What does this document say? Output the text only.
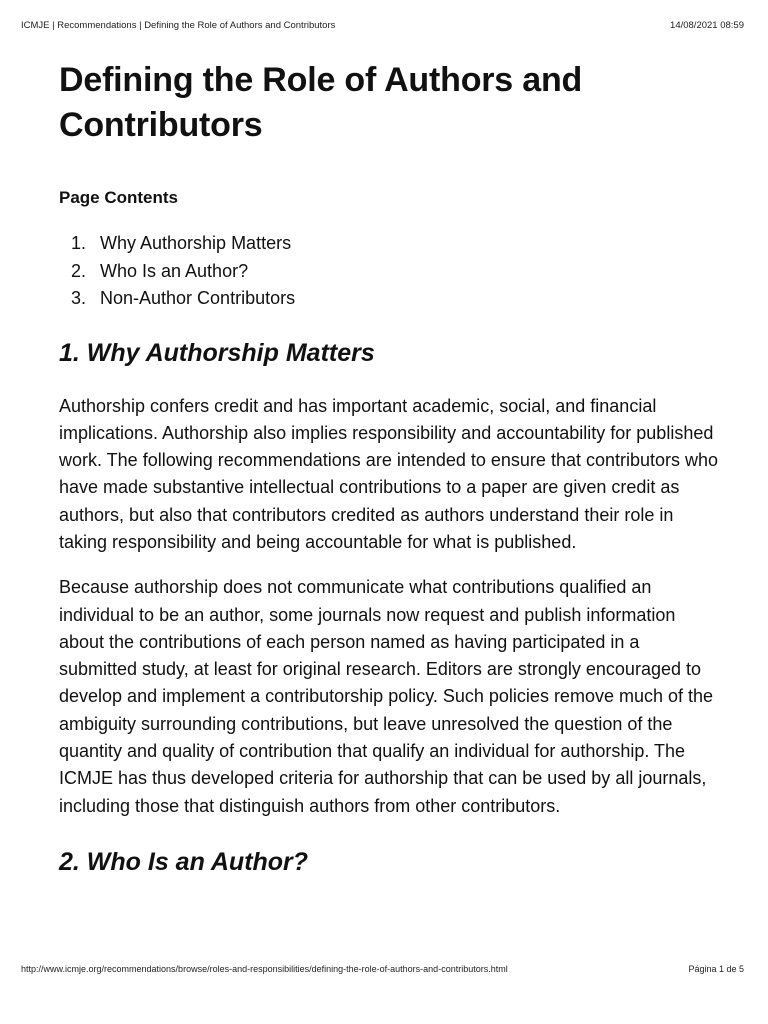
ICMJE | Recommendations | Defining the Role of Authors and Contributors	14/08/2021 08:59
Defining the Role of Authors and Contributors
Page Contents
1. Why Authorship Matters
2. Who Is an Author?
3. Non-Author Contributors
1. Why Authorship Matters

Authorship confers credit and has important academic, social, and financial implications. Authorship also implies responsibility and accountability for published work. The following recommendations are intended to ensure that contributors who have made substantive intellectual contributions to a paper are given credit as authors, but also that contributors credited as authors understand their role in taking responsibility and being accountable for what is published.

Because authorship does not communicate what contributions qualified an individual to be an author, some journals now request and publish information about the contributions of each person named as having participated in a submitted study, at least for original research. Editors are strongly encouraged to develop and implement a contributorship policy. Such policies remove much of the ambiguity surrounding contributions, but leave unresolved the question of the quantity and quality of contribution that qualify an individual for authorship. The ICMJE has thus developed criteria for authorship that can be used by all journals, including those that distinguish authors from other contributors.

2. Who Is an Author?
http://www.icmje.org/recommendations/browse/roles-and-responsibilities/defining-the-role-of-authors-and-contributors.html	Página 1 de 5
